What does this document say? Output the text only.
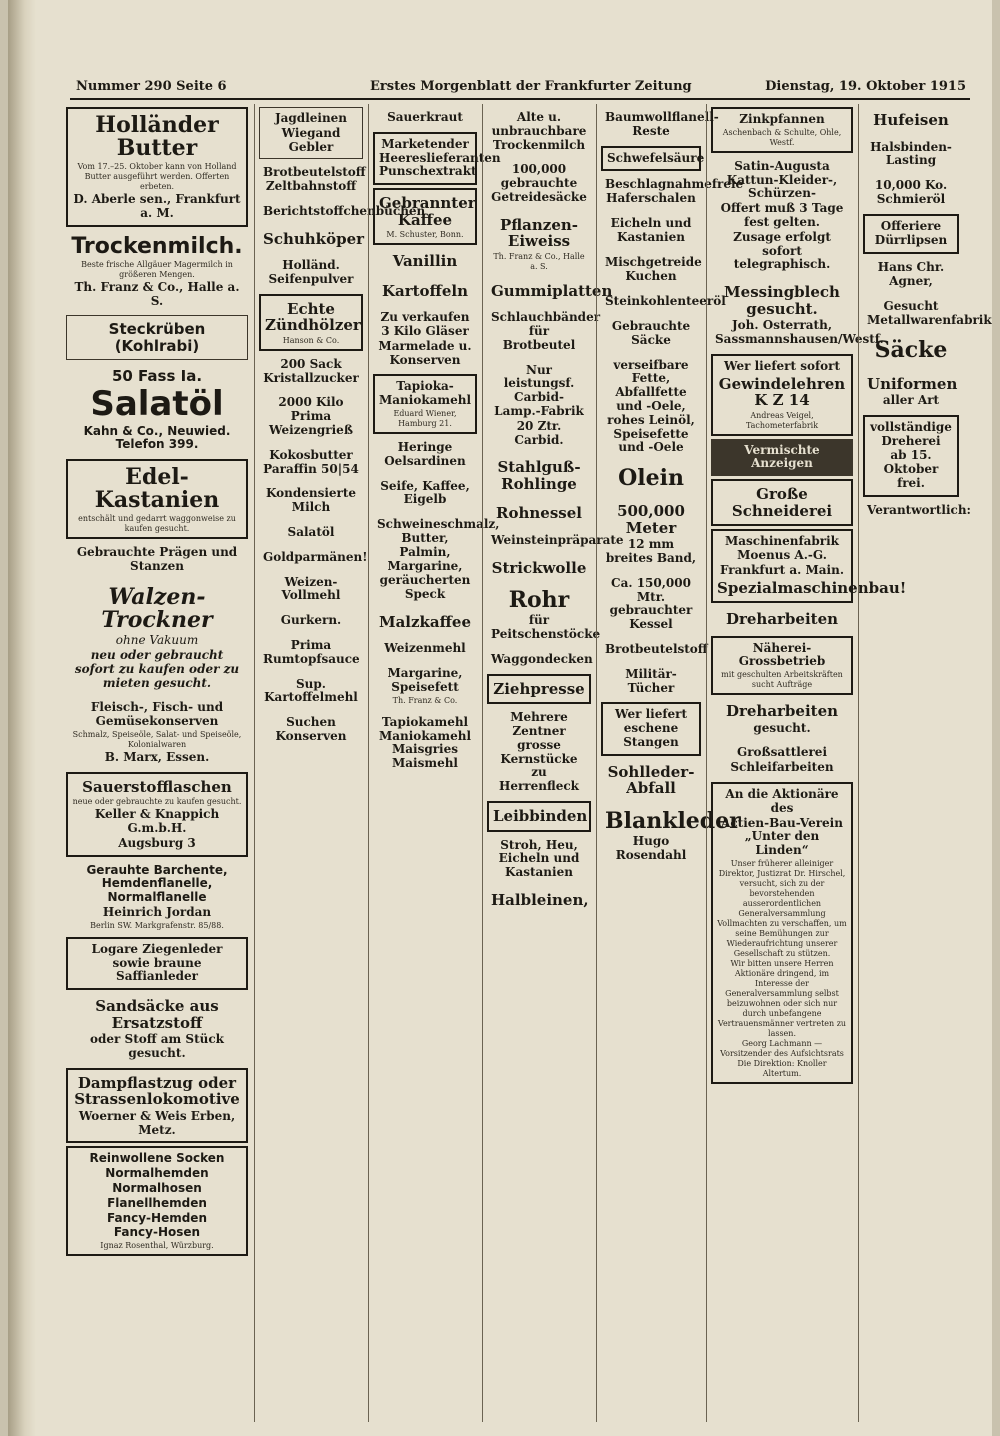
Nummer 290 Seite 6	Erstes Morgenblatt der Frankfurter Zeitung	Dienstag, 19. Oktober 1915
Holländer Butter
Vom 17.–25. Oktober kann von Holland Butter ausgeführt werden. Offerten erbeten.
D. Aberle sen., Frankfurt a. M.
Trockenmilch.
Beste frische Allgäuer Magermilch in größeren Mengen.
Th. Franz & Co., Halle a. S.
Steckrüben (Kohlrabi)
50 Fass Ia.
Salatöl
Kahn & Co., Neuwied. Telefon 399.
Edel-Kastanien
entschält und gedarrt waggonweise zu kaufen gesucht.
Gebrauchte Prägen und Stanzen
Walzen-Trockner
ohne Vakuum
neu oder gebraucht sofort zu kaufen oder zu mieten gesucht.
Fleisch-, Fisch- und Gemüsekonserven
Schmalz, Speiseöle, Salat- und Speiseöle, Kolonialwaren
B. Marx, Essen.
Sauerstofflaschen
neue oder gebrauchte zu kaufen gesucht.
Keller & Knappich G.m.b.H.
Augsburg 3
Gerauhte Barchente, Hemdenflanelle, Normalflanelle
Heinrich Jordan
Berlin SW. Markgrafenstr. 85/88.
Logare Ziegenleder sowie braune Saffianleder
Sandsäcke aus Ersatzstoff
oder Stoff am Stück gesucht.
Dampflastzug oder Strassenlokomotive
Woerner & Weis Erben, Metz.
Reinwollene Socken
Normalhemden
Normalhosen
Flanellhemden
Fancy-Hemden
Fancy-Hosen
Ignaz Rosenthal, Würzburg.
Jagdleinen
Wiegand Gebler
Brotbeutelstoff Zeltbahnstoff
Berichtstoffchenbüchen
Schuhköper
Holländ. Seifenpulver
Echte Zündhölzer
Hanson & Co.
200 Sack Kristallzucker
2000 Kilo Prima Weizengrieß
Kokosbutter Paraffin 50|54
Kondensierte Milch
Salatöl
Goldparmänen!
Weizen-Vollmehl
Gurkern.
Prima Rumtopfsauce
Sup. Kartoffelmehl
Suchen Konserven
Sauerkraut
Marketender Heereslieferanten Punschextrakt
Gebrannter Kaffee
M. Schuster, Bonn.
Vanillin
Kartoffeln
Zu verkaufen 3 Kilo Gläser
Marmelade u. Konserven
Tapioka-Maniokamehl
Eduard Wiener, Hamburg 21.
Heringe Oelsardinen
Seife, Kaffee, Eigelb
Schweineschmalz, Butter, Palmin, Margarine,
geräucherten Speck
Malzkaffee
Weizenmehl
Margarine, Speisefett
Th. Franz & Co.
Tapiokamehl Maniokamehl Maisgries Maismehl
Alte u. unbrauchbare Trockenmilch
100,000 gebrauchte Getreidesäcke
Pflanzen-Eiweiss
Th. Franz & Co., Halle a. S.
Gummiplatten
Schlauchbänder für Brotbeutel
Nur leistungsf. Carbid-Lamp.-Fabrik
20 Ztr. Carbid.
Stahlguß-Rohlinge
Rohnessel
Weinsteinpräparate
Strickwolle
Rohr
für Peitschenstöcke
Waggondecken
Ziehpresse
Mehrere Zentner grosse Kernstücke zu Herrenfleck
Leibbinden
Stroh, Heu, Eicheln und Kastanien
Halbleinen,
Baumwollflanell-Reste
Schwefelsäure
Beschlagnahmefreie Haferschalen
Eicheln und Kastanien
Mischgetreide
Kuchen
Steinkohlenteeröl
Gebrauchte Säcke
verseifbare Fette, Abfallfette und -Oele, rohes Leinöl, Speisefette und -Oele
Olein
500,000 Meter
12 mm breites Band,
Ca. 150,000 Mtr. gebrauchter Kessel
Brotbeutelstoff
Militär-Tücher
Wer liefert eschene Stangen
Sohlleder-Abfall
Blankleder
Hugo Rosendahl
Zinkpfannen
Aschenbach & Schulte, Ohle, Westf.
Satin-Augusta Kattun-Kleider-, Schürzen-
Offert muß 3 Tage fest gelten.
Zusage erfolgt sofort telegraphisch.
Messingblech gesucht.
Joh. Osterrath, Sassmannshausen/Westf.
Wer liefert sofort
Gewindelehren K Z 14
Andreas Veigel, Tachometerfabrik
Vermischte Anzeigen
Große Schneiderei
Maschinenfabrik Moenus A.-G.
Frankfurt a. Main.
Spezialmaschinenbau!
Dreharbeiten
Näherei-Grossbetrieb
mit geschulten Arbeitskräften sucht Aufträge
Dreharbeiten
gesucht.
Großsattlerei
Schleifarbeiten
An die Aktionäre des
Actien-Bau-Verein „Unter den Linden“
Unser früherer alleiniger Direktor, Justizrat Dr. Hirschel, versucht, sich zu der bevorstehenden ausserordentlichen Generalversammlung Vollmachten zu verschaffen, um seine Bemühungen zur Wiederaufrichtung unserer Gesellschaft zu stützen.
Wir bitten unsere Herren Aktionäre dringend, im Interesse der Generalversammlung selbst beizuwohnen oder sich nur durch unbefangene Vertrauensmänner vertreten zu lassen.
Georg Lachmann — Vorsitzender des Aufsichtsrats
Die Direktion: Knoller Altertum.
Hufeisen
Halsbinden-Lasting
10,000 Ko. Schmieröl
Offeriere
Dürrlipsen
Hans Chr. Agner,
Gesucht Metallwarenfabrik
Säcke
Uniformen
aller Art
vollständige Dreherei
ab 15. Oktober frei.
Verantwortlich:
